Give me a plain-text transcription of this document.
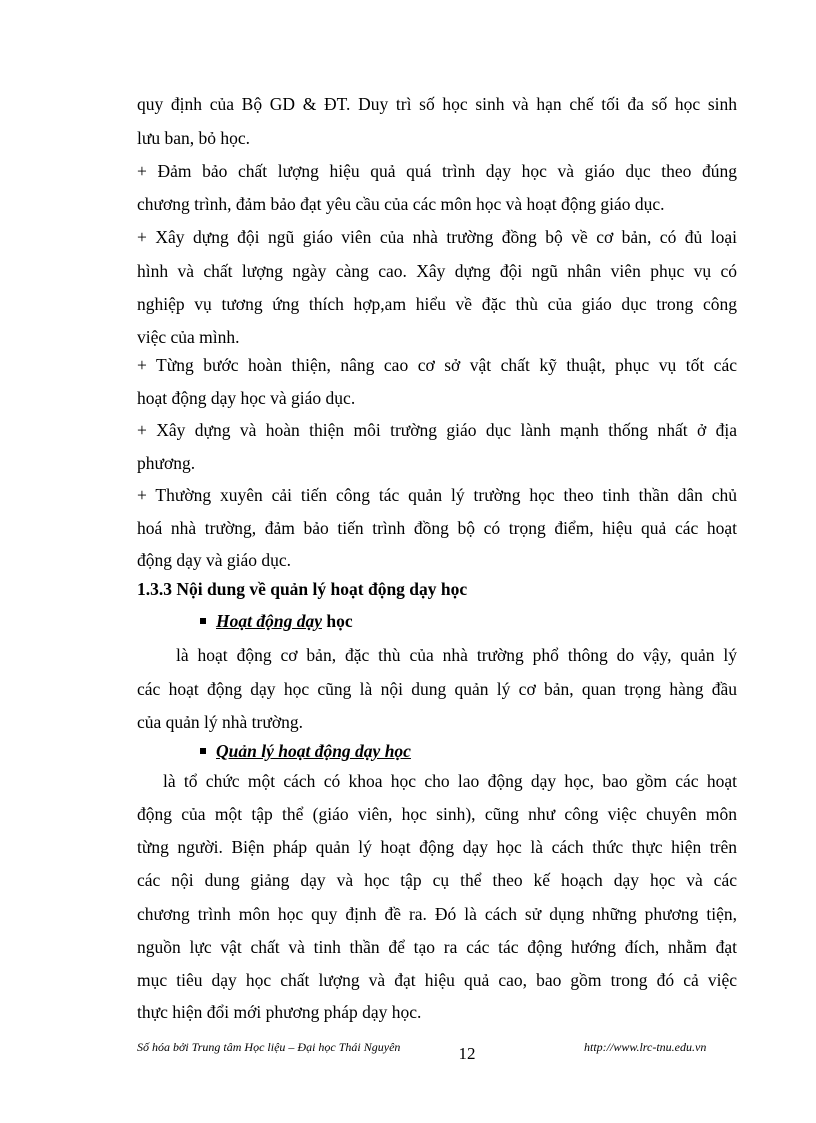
quy định của Bộ GD & ĐT. Duy trì số học sinh và hạn chế tối đa số học sinh
lưu ban, bỏ học.
+ Đảm bảo chất lượng hiệu quả quá trình dạy học và giáo dục theo đúng
chương trình, đảm bảo đạt yêu cầu của các môn học và hoạt động giáo dục.
+ Xây dựng đội ngũ giáo viên của nhà trường đồng bộ về cơ bản, có đủ loại
hình và chất lượng ngày càng cao. Xây dựng đội ngũ nhân viên phục vụ có
nghiệp vụ tương ứng thích hợp,am hiểu về đặc thù của giáo dục trong công
việc của mình.
+ Từng bước hoàn thiện, nâng cao cơ sở vật chất kỹ thuật, phục vụ tốt các
hoạt động dạy học và giáo dục.
+ Xây dựng và hoàn thiện môi trường giáo dục lành mạnh thống nhất ở địa
phương.
+ Thường xuyên cải tiến công tác quản lý trường học theo tinh thần dân chủ
hoá nhà trường, đảm bảo tiến trình đồng bộ có trọng điểm, hiệu quả các hoạt
động dạy và giáo dục.
1.3.3 Nội dung về quản lý hoạt động dạy học
Hoạt động dạy học
là hoạt động cơ bản, đặc thù của nhà trường phổ thông do vậy, quản lý
các hoạt động dạy học cũng là nội dung quản lý cơ bản, quan trọng hàng đầu
của quản lý nhà trường.
Quản lý hoạt động dạy học
là tổ chức một cách có khoa học cho lao động dạy học, bao gồm các hoạt
động của một tập thể (giáo viên, học sinh), cũng như công việc chuyên môn
từng người. Biện pháp quản lý hoạt động dạy học là cách thức thực hiện trên
các nội dung giảng dạy và học tập cụ thể theo kế hoạch dạy học và các
chương trình môn học quy định đề ra. Đó là cách sử dụng những phương tiện,
nguồn lực vật chất và tinh thần để tạo ra các tác động hướng đích, nhằm đạt
mục tiêu dạy học chất lượng và đạt hiệu quả cao, bao gồm trong đó cả việc
thực hiện đổi mới phương pháp dạy học.
Số hóa bởi Trung tâm Học liệu – Đại học Thái Nguyên	12	http://www.lrc-tnu.edu.vn
